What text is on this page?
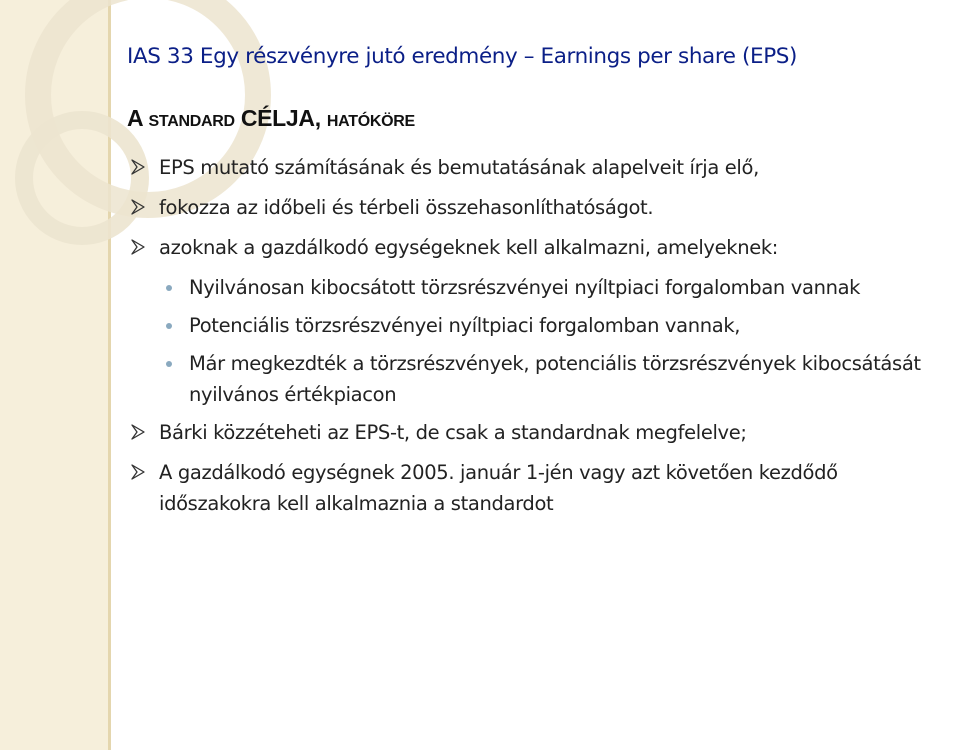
IAS 33 Egy részvényre jutó eredmény – Earnings per share (EPS)
A standard CÉLJA, hatóköre
EPS mutató számításának és bemutatásának alapelveit írja elő,
fokozza az időbeli és térbeli összehasonlíthatóságot.
azoknak a gazdálkodó egységeknek kell alkalmazni, amelyeknek:
Nyilvánosan kibocsátott törzsrészvényei nyíltpiaci forgalomban vannak
Potenciális törzsrészvényei nyíltpiaci forgalomban vannak,
Már megkezdték a törzsrészvények, potenciális törzsrészvények kibocsátását nyilvános értékpiacon
Bárki közzéteheti az EPS-t, de csak a standardnak megfelelve;
A gazdálkodó egységnek 2005. január 1-jén vagy azt követően kezdődő időszakokra kell alkalmaznia a standardot
